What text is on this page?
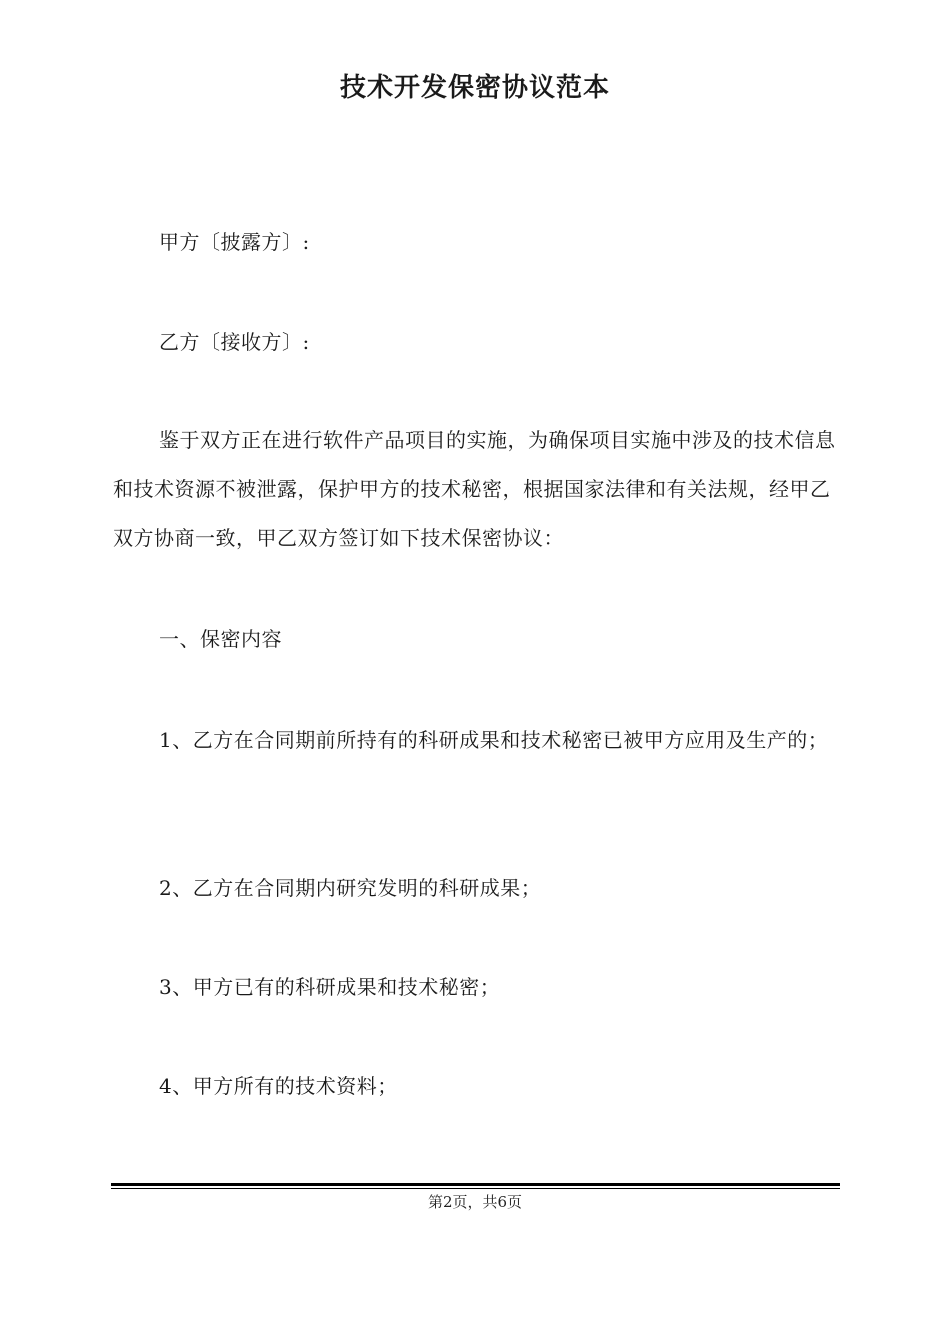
技术开发保密协议范本

甲方〔披露方〕:

乙方〔接收方〕:

鉴于双方正在进行软件产品项目的实施，为确保项目实施中涉及的技术信息和技术资源不被泄露，保护甲方的技术秘密，根据国家法律和有关法规，经甲乙双方协商一致，甲乙双方签订如下技术保密协议：

一、保密内容

1、乙方在合同期前所持有的科研成果和技术秘密已被甲方应用及生产的；

2、乙方在合同期内研究发明的科研成果；

3、甲方已有的科研成果和技术秘密；

4、甲方所有的技术资料；

第2页，共6页
